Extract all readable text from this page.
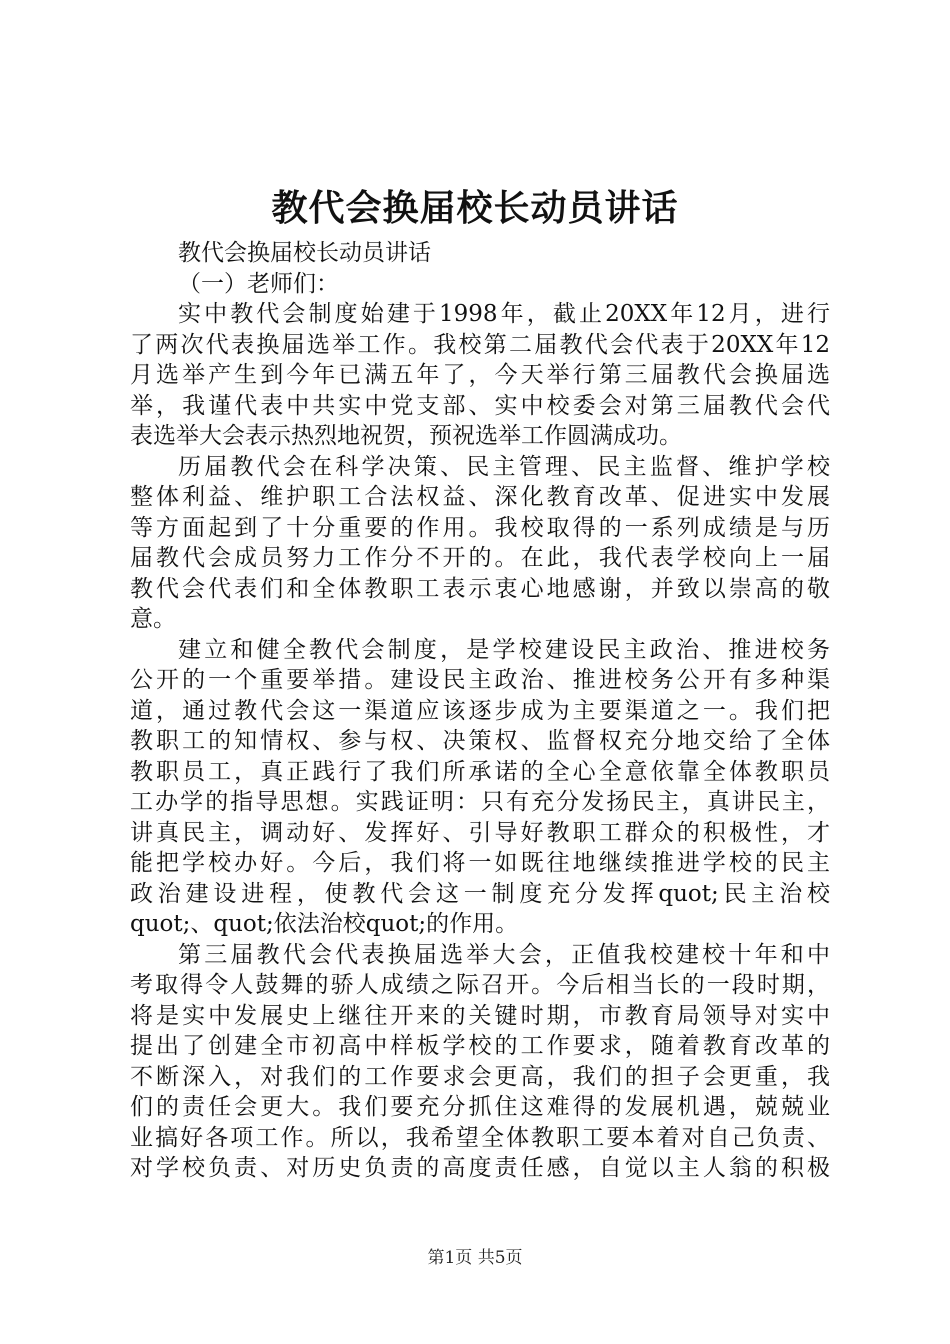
教代会换届校长动员讲话
教代会换届校长动员讲话
（一）老师们：
实中教代会制度始建于1998年，截止20XX年12月，进行
了两次代表换届选举工作。我校第二届教代会代表于20XX年12
月选举产生到今年已满五年了，今天举行第三届教代会换届选
举，我谨代表中共实中党支部、实中校委会对第三届教代会代
表选举大会表示热烈地祝贺，预祝选举工作圆满成功。
历届教代会在科学决策、民主管理、民主监督、维护学校
整体利益、维护职工合法权益、深化教育改革、促进实中发展
等方面起到了十分重要的作用。我校取得的一系列成绩是与历
届教代会成员努力工作分不开的。在此，我代表学校向上一届
教代会代表们和全体教职工表示衷心地感谢，并致以崇高的敬
意。
建立和健全教代会制度，是学校建设民主政治、推进校务
公开的一个重要举措。建设民主政治、推进校务公开有多种渠
道，通过教代会这一渠道应该逐步成为主要渠道之一。我们把
教职工的知情权、参与权、决策权、监督权充分地交给了全体
教职员工，真正践行了我们所承诺的全心全意依靠全体教职员
工办学的指导思想。实践证明：只有充分发扬民主，真讲民主，
讲真民主，调动好、发挥好、引导好教职工群众的积极性，才
能把学校办好。今后，我们将一如既往地继续推进学校的民主
政治建设进程，使教代会这一制度充分发挥quot;民主治校
quot;、quot;依法治校quot;的作用。
第三届教代会代表换届选举大会，正值我校建校十年和中
考取得令人鼓舞的骄人成绩之际召开。今后相当长的一段时期，
将是实中发展史上继往开来的关键时期，市教育局领导对实中
提出了创建全市初高中样板学校的工作要求，随着教育改革的
不断深入，对我们的工作要求会更高，我们的担子会更重，我
们的责任会更大。我们要充分抓住这难得的发展机遇，兢兢业
业搞好各项工作。所以，我希望全体教职工要本着对自己负责、
对学校负责、对历史负责的高度责任感，自觉以主人翁的积极
第1页 共5页
